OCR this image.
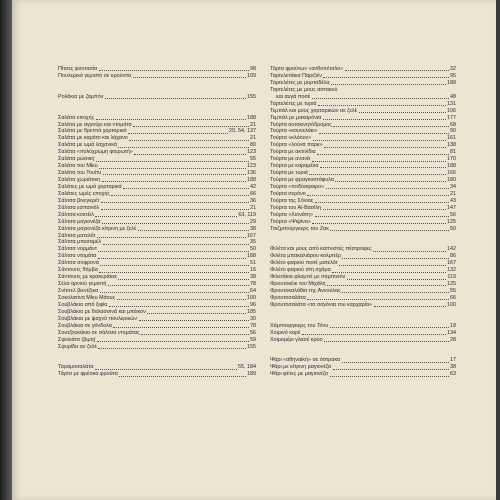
Πίτσες φαντασία	98
Πουλερικό γεμιστό σε κρούστα	109
Ρολάκια με ζαμπόν	155
Σαλάτα εποχής	188
Σαλάτα με αγγούρι και ντομάτα	21
Σαλάτα με θρεπτά χορταρικά	20, 54, 137
Σαλάτα με καρότο και λάχανο	21
Σαλάτα με ωμά λαχανικά	80
Σαλάτα «πολύχρωμη φτερωτή»	123
Σαλάτα ρώσικη	55
Σαλάτα του Μίκυ	123
Σαλάτα του Τουίτυ	136
Σαλάτα χωριάτικη	188
Σαλάτες με ωμά χορταρικά	42
Σαλάτες ωμές εποχής	66
Σάλτσα βινεγκρέτ	36
Σάλτσα εσπανιόλ	21
Σάλτσα κοκτέιλ	63, 119
Σάλτσα μαγιονέζα	29
Σάλτσα μαγιονέζα κίτρινη με ζελέ	38
Σάλτσα ματελότ	167
Σάλτσα μπεσαμέλ	35
Σάλτσα νορμάντ	50
Σάλτσα ντομάτα	188
Σάλτσα σοφρονά	51
Σάντουιτς θόμβα	16
Σάντουιτς με κρακεράκια	38
Σέλα αρνιού γεμιστή	78
Σνίτσελ βιενέζικα	64
Σοκολατίνα Μίκυ Μάους	100
Σουβλάκια από ξιφία	96
Σουβλάκια με θαλασσινά και μπέικον	185
Σουβλάκια με ψαχνό πουλερικών	30
Σουβλάκια σε γόνδολα	78
Σουτζουκάκια σε σάλτσα ντομάτας	56
Σφολιάτα (βιμη)	59
Σφυρίδα αν ζελέ	155
Ταραμοσαλάτα	55, 184
Τάρτα με φρέσκα φρούτα	189
Τάρτα φρούτων «ανθοπέταλο»	32
Ταρτελετάκια Παριζιέν	95
Ταρτελέτες με μορταδέλα	188
Ταρτελέτες με μους αστακού
και αυγά ποσέ	48
Ταρτελέτες με τυριά	131
Τεμπάλ και μους χορταρικών σε ζελέ	106
Τεμπάλ με μακαρόνια	177
Τούρτα αυτοκινητόδρομος	68
Τούρτα «κουνελάκι»	90
Τούρτα «κλόουν»	161
Τούρτα «λούνα παρκ»	138
Τούρτα με ακτινίδια	81
Τούρτα με ανανά	170
Τούρτα με καραμέλα	188
Τούρτα με τυριά	166
Τούρτα με φραγκοστάφυλα	180
Τούρτα «ποδόσφαιρο»	34
Τούρτα σερόνο	21
Τούρτα της Σόνιας	43
Τούρτα του Αϊ-Βασίλη	147
Τούρτα «Χιονάτη»	56
Τούρτα «Ψιψίνα»	125
Τσιζμπούργκερς του Ζακ	50
Φιλέτα και μους από καπνιστές πέστροφες	142
Φιλέτα μπακαλιάρου κολμπέρ	86
Φιλέτο φαριού ποσέ ματελότ	167
Φιλέτο φαριού στη σχάρα	132
Φιλετάκια φλαμπέ με σαμπινιόν	119
Φρουτοκέικ του Μιχάλη	125
Φρουτοκαλάθια της Αννούλας	55
Φρουτοσαλάτα	66
Φρουτοσαλάτα «τα σαγόνια του καρχαρία»	100
Χάμπουργκερς του Τόνυ	18
Χοιρινό καρέ	134
Χοιρομέρι γλασέ κρύο	28
Ψάρι «αθηναϊκή» σε όστρακα	17
Ψάρι με κίτρινη μαγιονέζα	38
Ψάρι φέτες με μαγιονέζα	63
